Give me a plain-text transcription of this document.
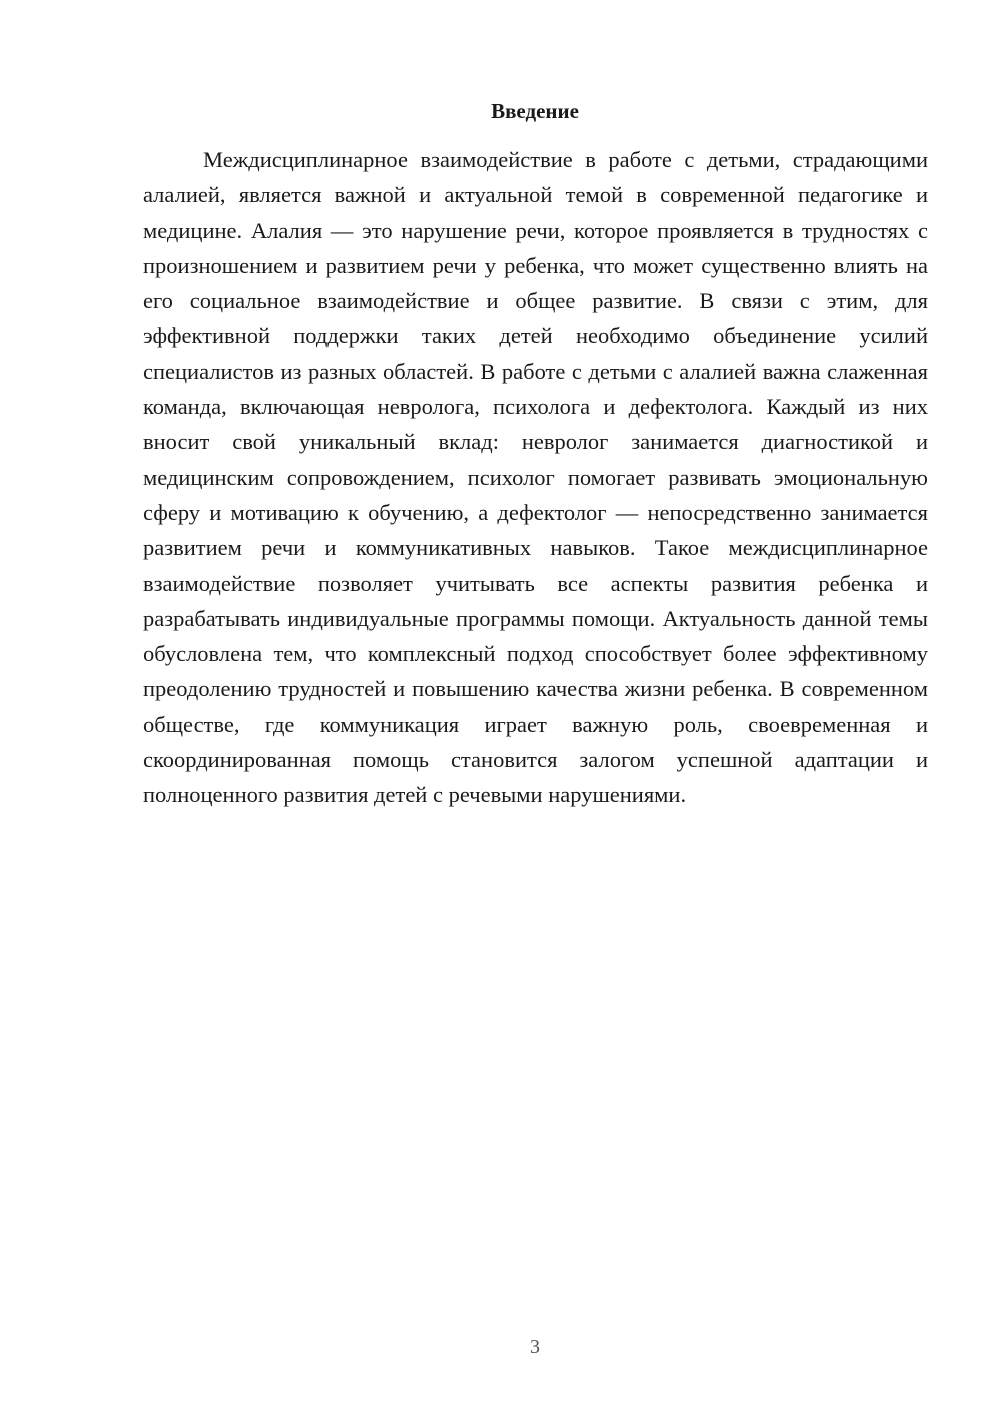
Введение

Междисциплинарное взаимодействие в работе с детьми, страдающими алалией, является важной и актуальной темой в современной педагогике и медицине. Алалия — это нарушение речи, которое проявляется в трудностях с произношением и развитием речи у ребенка, что может существенно влиять на его социальное взаимодействие и общее развитие. В связи с этим, для эффективной поддержки таких детей необходимо объединение усилий специалистов из разных областей. В работе с детьми с алалией важна слаженная команда, включающая невролога, психолога и дефектолога. Каждый из них вносит свой уникальный вклад: невролог занимается диагностикой и медицинским сопровождением, психолог помогает развивать эмоциональную сферу и мотивацию к обучению, а дефектолог — непосредственно занимается развитием речи и коммуникативных навыков. Такое междисциплинарное взаимодействие позволяет учитывать все аспекты развития ребенка и разрабатывать индивидуальные программы помощи. Актуальность данной темы обусловлена тем, что комплексный подход способствует более эффективному преодолению трудностей и повышению качества жизни ребенка. В современном обществе, где коммуникация играет важную роль, своевременная и скоординированная помощь становится залогом успешной адаптации и полноценного развития детей с речевыми нарушениями.

3
